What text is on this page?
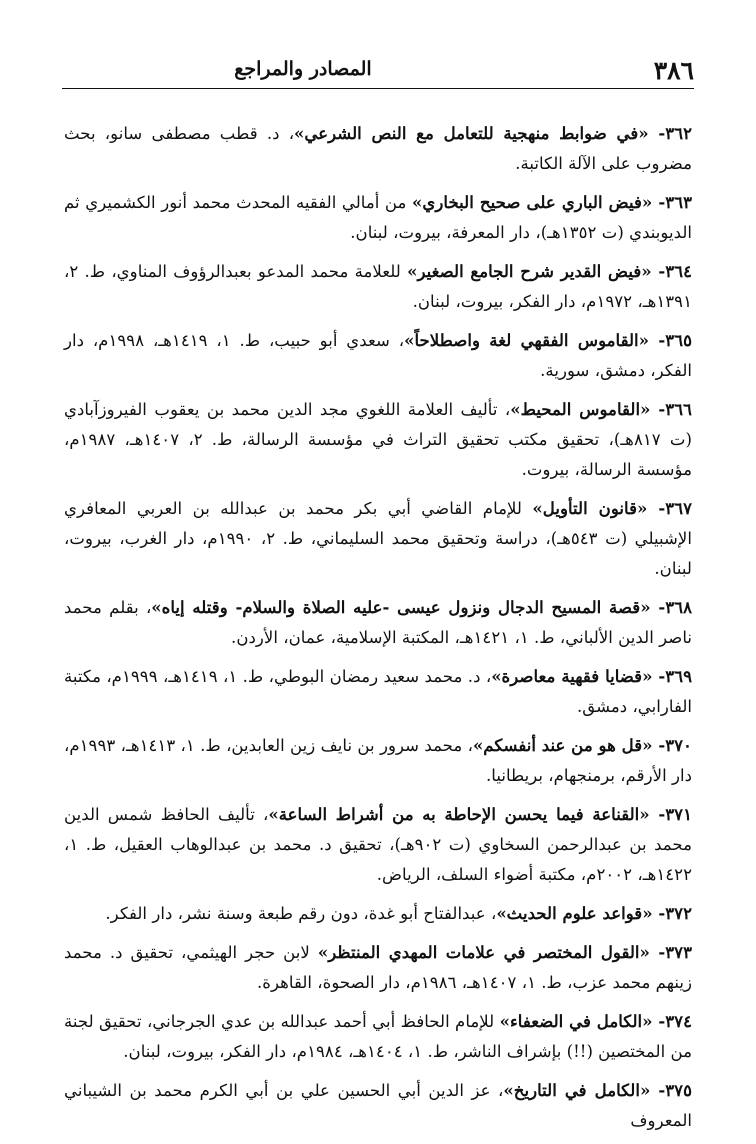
٣٨٦
المصادر والمراجع

٣٦٢- «في ضوابط منهجية للتعامل مع النص الشرعي»، د. قطب مصطفى سانو، بحث مضروب على الآلة الكاتبة.

٣٦٣- «فيض الباري على صحيح البخاري» من أمالي الفقيه المحدث محمد أنور الكشميري ثم الديوبندي (ت ١٣٥٢هـ)، دار المعرفة، بيروت، لبنان.

٣٦٤- «فيض القدير شرح الجامع الصغير» للعلامة محمد المدعو بعبدالرؤوف المناوي، ط. ٢، ١٣٩١هـ، ١٩٧٢م، دار الفكر، بيروت، لبنان.

٣٦٥- «القاموس الفقهي لغة واصطلاحاً»، سعدي أبو حبيب، ط. ١، ١٤١٩هـ، ١٩٩٨م، دار الفكر، دمشق، سورية.

٣٦٦- «القاموس المحيط»، تأليف العلامة اللغوي مجد الدين محمد بن يعقوب الفيروزآبادي (ت ٨١٧هـ)، تحقيق مكتب تحقيق التراث في مؤسسة الرسالة، ط. ٢، ١٤٠٧هـ، ١٩٨٧م، مؤسسة الرسالة، بيروت.

٣٦٧- «قانون التأويل» للإمام القاضي أبي بكر محمد بن عبدالله بن العربي المعافري الإشبيلي (ت ٥٤٣هـ)، دراسة وتحقيق محمد السليماني، ط. ٢، ١٩٩٠م، دار الغرب، بيروت، لبنان.

٣٦٨- «قصة المسيح الدجال ونزول عيسى -عليه الصلاة والسلام- وقتله إياه»، بقلم محمد ناصر الدين الألباني، ط. ١، ١٤٢١هـ، المكتبة الإسلامية، عمان، الأردن.

٣٦٩- «قضايا فقهية معاصرة»، د. محمد سعيد رمضان البوطي، ط. ١، ١٤١٩هـ، ١٩٩٩م، مكتبة الفارابي، دمشق.

٣٧٠- «قل هو من عند أنفسكم»، محمد سرور بن نايف زين العابدين، ط. ١، ١٤١٣هـ، ١٩٩٣م، دار الأرقم، برمنجهام، بريطانيا.

٣٧١- «القناعة فيما يحسن الإحاطة به من أشراط الساعة»، تأليف الحافظ شمس الدين محمد بن عبدالرحمن السخاوي (ت ٩٠٢هـ)، تحقيق د. محمد بن عبدالوهاب العقيل، ط. ١، ١٤٢٢هـ، ٢٠٠٢م، مكتبة أضواء السلف، الرياض.

٣٧٢- «قواعد علوم الحديث»، عبدالفتاح أبو غدة، دون رقم طبعة وسنة نشر، دار الفكر.

٣٧٣- «القول المختصر في علامات المهدي المنتظر» لابن حجر الهيثمي، تحقيق د. محمد زينهم محمد عزب، ط. ١، ١٤٠٧هـ، ١٩٨٦م، دار الصحوة، القاهرة.

٣٧٤- «الكامل في الضعفاء» للإمام الحافظ أبي أحمد عبدالله بن عدي الجرجاني، تحقيق لجنة من المختصين (!!) بإشراف الناشر، ط. ١، ١٤٠٤هـ، ١٩٨٤م، دار الفكر، بيروت، لبنان.

٣٧٥- «الكامل في التاريخ»، عز الدين أبي الحسين علي بن أبي الكرم محمد بن الشيباني المعروف
